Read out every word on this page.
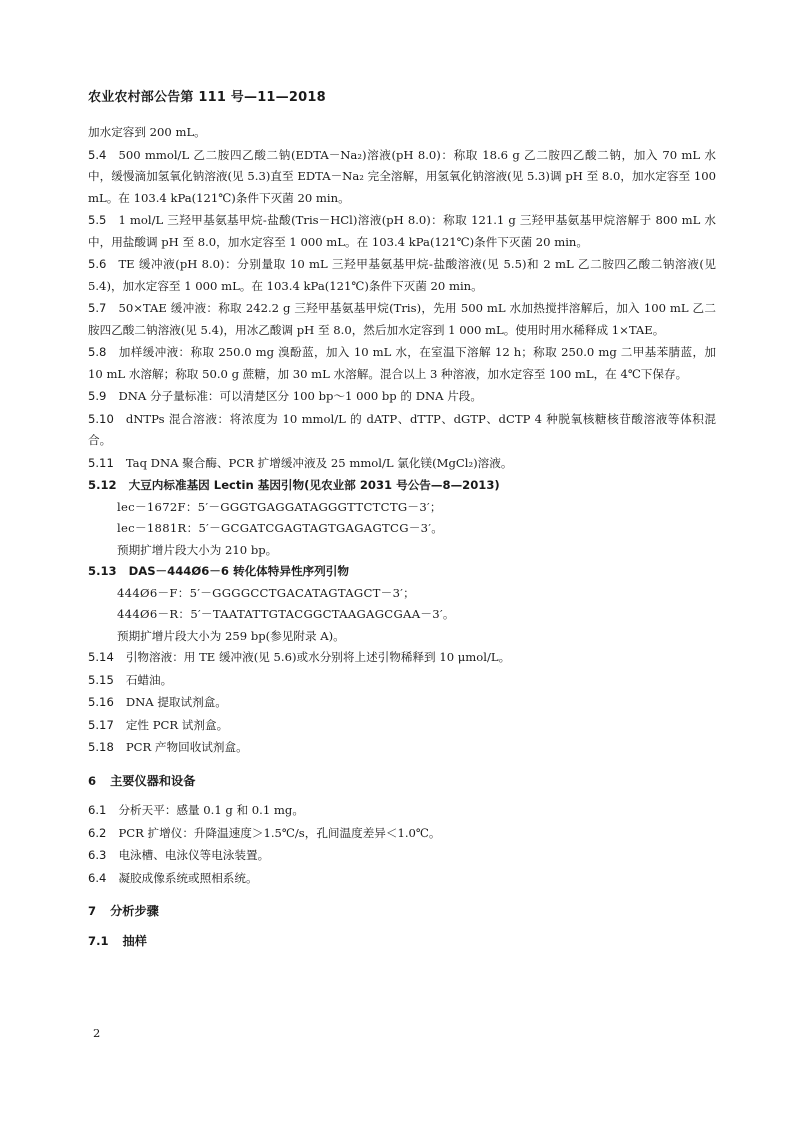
农业农村部公告第 111 号—11—2018

加水定容到 200 mL。

5.4 500 mmol/L 乙二胺四乙酸二钠(EDTA－Na₂)溶液(pH 8.0)：称取 18.6 g 乙二胺四乙酸二钠，加入 70 mL 水中，缓慢滴加氢氧化钠溶液(见 5.3)直至 EDTA－Na₂ 完全溶解，用氢氧化钠溶液(见 5.3)调 pH 至 8.0，加水定容至 100 mL。在 103.4 kPa(121℃)条件下灭菌 20 min。

5.5 1 mol/L 三羟甲基氨基甲烷-盐酸(Tris－HCl)溶液(pH 8.0)：称取 121.1 g 三羟甲基氨基甲烷溶解于 800 mL 水中，用盐酸调 pH 至 8.0，加水定容至 1 000 mL。在 103.4 kPa(121℃)条件下灭菌 20 min。

5.6 TE 缓冲液(pH 8.0)：分别量取 10 mL 三羟甲基氨基甲烷-盐酸溶液(见 5.5)和 2 mL 乙二胺四乙酸二钠溶液(见 5.4)，加水定容至 1 000 mL。在 103.4 kPa(121℃)条件下灭菌 20 min。

5.7 50×TAE 缓冲液：称取 242.2 g 三羟甲基氨基甲烷(Tris)，先用 500 mL 水加热搅拌溶解后，加入 100 mL 乙二胺四乙酸二钠溶液(见 5.4)，用冰乙酸调 pH 至 8.0，然后加水定容到 1 000 mL。使用时用水稀释成 1×TAE。

5.8 加样缓冲液：称取 250.0 mg 溴酚蓝，加入 10 mL 水，在室温下溶解 12 h；称取 250.0 mg 二甲基苯腈蓝，加 10 mL 水溶解；称取 50.0 g 蔗糖，加 30 mL 水溶解。混合以上 3 种溶液，加水定容至 100 mL，在 4℃下保存。

5.9 DNA 分子量标准：可以清楚区分 100 bp～1 000 bp 的 DNA 片段。

5.10 dNTPs 混合溶液：将浓度为 10 mmol/L 的 dATP、dTTP、dGTP、dCTP 4 种脱氧核糖核苷酸溶液等体积混合。

5.11 Taq DNA 聚合酶、PCR 扩增缓冲液及 25 mmol/L 氯化镁(MgCl₂)溶液。

5.12 大豆内标准基因 Lectin 基因引物(见农业部 2031 号公告—8—2013)

lec－1672F：5′－GGGTGAGGATAGGGTTCTCTG－3′；

lec－1881R：5′－GCGATCGAGTAGTGAGAGTCG－3′。

预期扩增片段大小为 210 bp。

5.13 DAS－444Ø6－6 转化体特异性序列引物

444Ø6－F：5′－GGGGCCTGACATAGTAGCT－3′；

444Ø6－R：5′－TAATATTGTACGGCTAAGAGCGAA－3′。

预期扩增片段大小为 259 bp(参见附录 A)。

5.14 引物溶液：用 TE 缓冲液(见 5.6)或水分别将上述引物稀释到 10 μmol/L。

5.15 石蜡油。

5.16 DNA 提取试剂盒。

5.17 定性 PCR 试剂盒。

5.18 PCR 产物回收试剂盒。

6 主要仪器和设备

6.1 分析天平：感量 0.1 g 和 0.1 mg。

6.2 PCR 扩增仪：升降温速度＞1.5℃/s，孔间温度差异＜1.0℃。

6.3 电泳槽、电泳仪等电泳装置。

6.4 凝胶成像系统或照相系统。

7 分析步骤
7.1 抽样
2
